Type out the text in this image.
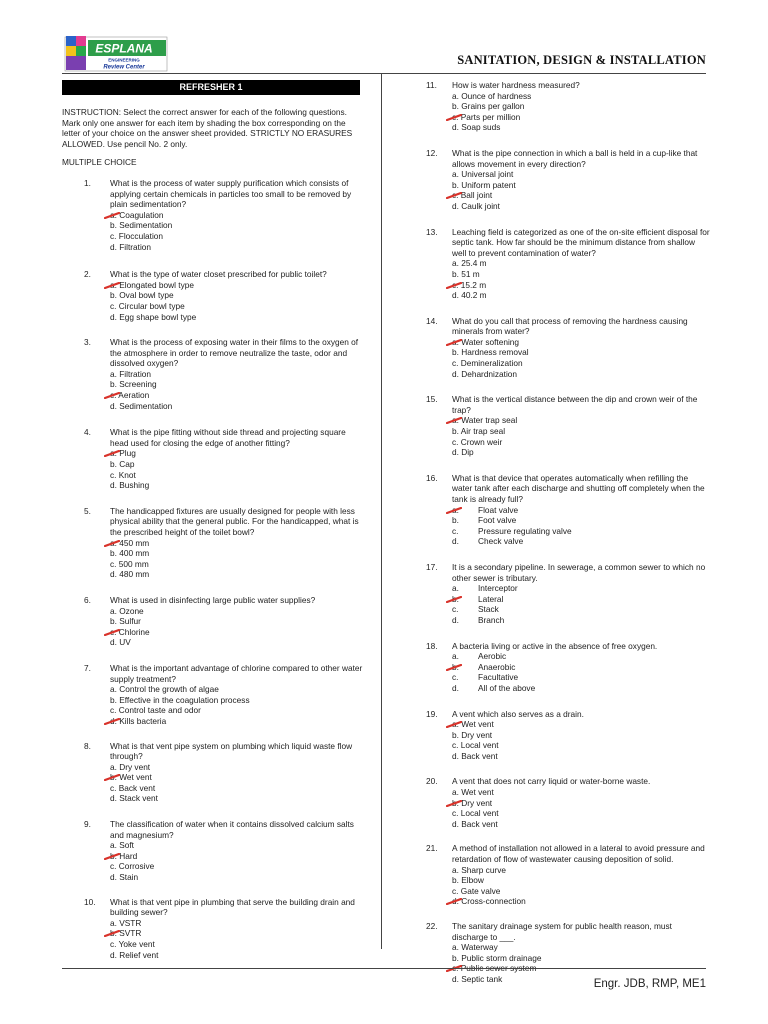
ESPLANA
ENGINEERING
Review Center
SANITATION, DESIGN & INSTALLATION
REFRESHER 1
INSTRUCTION: Select the correct answer for each of the following questions. Mark only one answer for each item by shading the box corresponding on the letter of your choice on the answer sheet provided. STRICTLY NO ERASURES ALLOWED. Use pencil No. 2 only.
MULTIPLE CHOICE
1.	What is the process of water supply purification which consists of applying certain chemicals in particles too small to be removed by plain sedimentation?
a. Coagulation
b. Sedimentation
c. Flocculation
d. Filtration
2.	What is the type of water closet prescribed for public toilet?
a. Elongated bowl type
b. Oval bowl type
c. Circular bowl type
d. Egg shape bowl type
3.	What is the process of exposing water in their films to the oxygen of the atmosphere in order to remove neutralize the taste, odor and dissolved oxygen?
a. Filtration
b. Screening
c. Aeration
d. Sedimentation
4.	What is the pipe fitting without side thread and projecting square head used for closing the edge of another fitting?
a. Plug
b. Cap
c. Knot
d. Bushing
5.	The handicapped fixtures are usually designed for people with less physical ability that the general public. For the handicapped, what is the prescribed height of the toilet bowl?
a. 450 mm
b. 400 mm
c. 500 mm
d. 480 mm
6.	What is used in disinfecting large public water supplies?
a. Ozone
b. Sulfur
c. Chlorine
d. UV
7.	What is the important advantage of chlorine compared to other water supply treatment?
a. Control the growth of algae
b. Effective in the coagulation process
c. Control taste and odor
d. Kills bacteria
8.	What is that vent pipe system on plumbing which liquid waste flow through?
a. Dry vent
b. Wet vent
c. Back vent
d. Stack vent
9.	The classification of water when it contains dissolved calcium salts and magnesium?
a. Soft
b. Hard
c. Corrosive
d. Stain
10.	What is that vent pipe in plumbing that serve the building drain and building sewer?
a. VSTR
b. SVTR
c. Yoke vent
d. Relief vent
11.	How is water hardness measured?
a. Ounce of hardness
b. Grains per gallon
c. Parts per million
d. Soap suds
12.	What is the pipe connection in which a ball is held in a cup-like that allows movement in every direction?
a. Universal joint
b. Uniform patent
c. Ball joint
d. Caulk joint
13.	Leaching field is categorized as one of the on-site efficient disposal for septic tank. How far should be the minimum distance from shallow well to prevent contamination of water?
a. 25.4 m
b. 51 m
c. 15.2 m
d. 40.2 m
14.	What do you call that process of removing the hardness causing minerals from water?
a. Water softening
b. Hardness removal
c. Demineralization
d. Dehardnization
15.	What is the vertical distance between the dip and crown weir of the trap?
a. Water trap seal
b. Air trap seal
c. Crown weir
d. Dip
16.	What is that device that operates automatically when refilling the water tank after each discharge and shutting off completely when the tank is already full?
a.	Float valve
b.	Foot valve
c.	Pressure regulating valve
d.	Check valve
17.	It is a secondary pipeline. In sewerage, a common sewer to which no other sewer is tributary.
a.	Interceptor
b.	Lateral
c.	Stack
d.	Branch
18.	A bacteria living or active in the absence of free oxygen.
a.	Aerobic
b.	Anaerobic
c.	Facultative
d.	All of the above
19.	A vent which also serves as a drain.
a. Wet vent
b. Dry vent
c. Local vent
d. Back vent
20.	A vent that does not carry liquid or water-borne waste.
a. Wet vent
b. Dry vent
c. Local vent
d. Back vent
21.	A method of installation not allowed in a lateral to avoid pressure and retardation of flow of wastewater causing deposition of solid.
a. Sharp curve
b. Elbow
c. Gate valve
d. Cross-connection
22.	The sanitary drainage system for public health reason, must discharge to ___.
a. Waterway
b. Public storm drainage
c. Public sewer system
d. Septic tank	Engr. JDB, RMP, ME1
